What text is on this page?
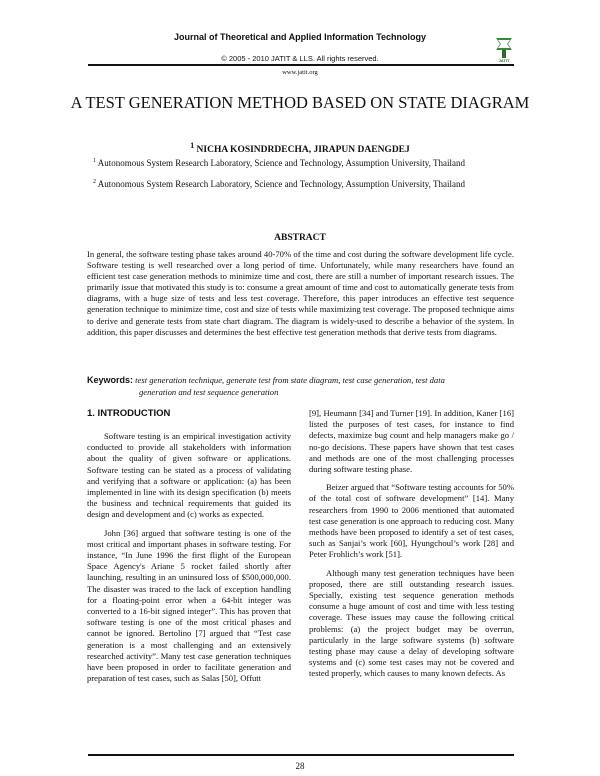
Journal of Theoretical and Applied Information Technology
© 2005 - 2010 JATIT & LLS. All rights reserved.
www.jatit.org
JATIT
A TEST GENERATION METHOD BASED ON STATE DIAGRAM
$^1$ NICHA KOSINDRDECHA, JIRAPUN DAENGDEJ
$^1$ Autonomous System Research Laboratory, Science and Technology, Assumption University, Thailand
$^2$ Autonomous System Research Laboratory, Science and Technology, Assumption University, Thailand
ABSTRACT
In general, the software testing phase takes around 40-70% of the time and cost during the software development life cycle. Software testing is well researched over a long period of time. Unfortunately, while many researchers have found an efficient test case generation methods to minimize time and cost, there are still a number of important research issues. The primarily issue that motivated this study is to: consume a great amount of time and cost to automatically generate tests from diagrams, with a huge size of tests and less test coverage. Therefore, this paper introduces an effective test sequence generation technique to minimize time, cost and size of tests while maximizing test coverage. The proposed technique aims to derive and generate tests from state chart diagram. The diagram is widely-used to describe a behavior of the system. In addition, this paper discusses and determines the best effective test generation methods that derive tests from diagrams.
Keywords: test generation technique, generate test from state diagram, test case generation, test data
generation and test sequence generation
1. INTRODUCTION

Software testing is an empirical investigation activity conducted to provide all stakeholders with information about the quality of given software or applications. Software testing can be stated as a process of validating and verifying that a software or application: (a) has been implemented in line with its design specification (b) meets the business and technical requirements that guided its design and development and (c) works as expected.

John [36] argued that software testing is one of the most critical and important phases in software testing. For instance, “In June 1996 the first flight of the European Space Agency's Ariane 5 rocket failed shortly after launching, resulting in an uninsured loss of $500,000,000. The disaster was traced to the lack of exception handling for a floating-point error when a 64-bit integer was converted to a 16-bit signed integer”. This has proven that software testing is one of the most critical phases and cannot be ignored. Bertolino [7] argued that “Test case generation is a most challenging and an extensively researched activity”. Many test case generation techniques have been proposed in order to facilitate generation and preparation of test cases, such as Salas [50], Offutt

[9], Heumann [34] and Turner [19]. In addition, Kaner [16] listed the purposes of test cases, for instance to find defects, maximize bug count and help managers make go / no-go decisions. These papers have shown that test cases and methods are one of the most challenging processes during software testing phase.

Beizer argued that “Software testing accounts for 50% of the total cost of software development” [14]. Many researchers from 1990 to 2006 mentioned that automated test case generation is one approach to reducing cost. Many methods have been proposed to identify a set of test cases, such as Sanjai’s work [60], Hyungchoul’s work [28] and Peter Frohlich’s work [51].

Although many test generation techniques have been proposed, there are still outstanding research issues. Specially, existing test sequence generation methods consume a huge amount of cost and time with less testing coverage. These issues may cause the following critical problems: (a) the project budget may be overrun, particularly in the large software systems (b) software testing phase may cause a delay of developing software systems and (c) some test cases may not be covered and tested properly, which causes to many known defects. As

28
